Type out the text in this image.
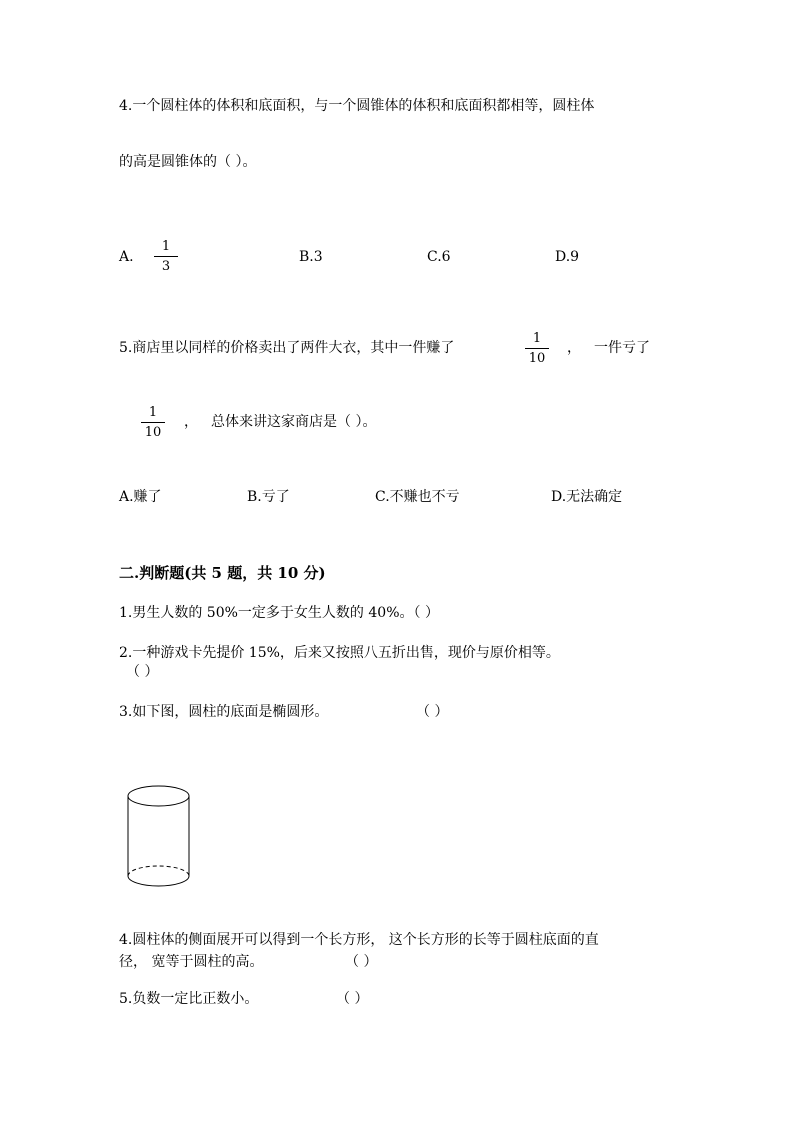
4.一个圆柱体的体积和底面积，与一个圆锥体的体积和底面积都相等，圆柱体
的高是圆锥体的（ ）。
A.
1
3
B.3	C.6	D.9
5.商店里以同样的价格卖出了两件大衣，其中一件赚了
1
10
， 一件亏了
1
10
， 总体来讲这家商店是（ ）。
A.赚了	B.亏了	C.不赚也不亏	D.无法确定
二.判断题(共 5 题，共 10 分)
1.男生人数的 50%一定多于女生人数的 40%。（ ）
2.一种游戏卡先提价 15%，后来又按照八五折出售，现价与原价相等。
（ ）
3.如下图，圆柱的底面是椭圆形。	（ ）
4.圆柱体的侧面展开可以得到一个长方形， 这个长方形的长等于圆柱底面的直
径， 宽等于圆柱的高。	（ ）
5.负数一定比正数小。	（ ）
